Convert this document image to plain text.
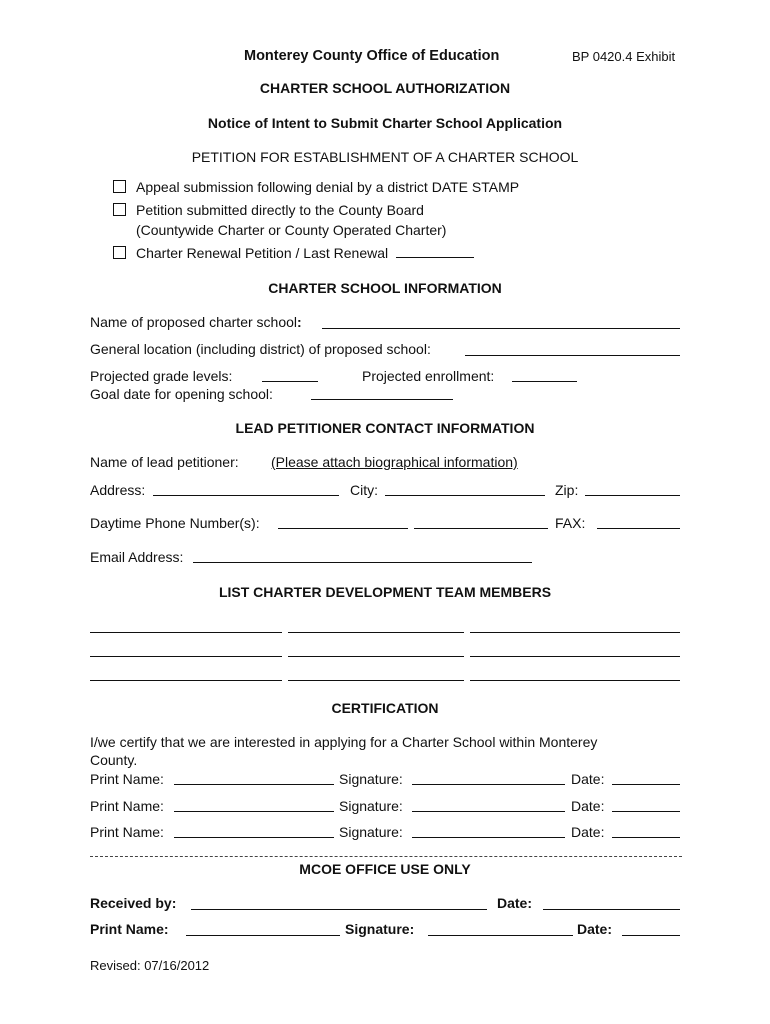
Monterey County Office of Education	BP 0420.4 Exhibit
CHARTER SCHOOL AUTHORIZATION
Notice of Intent to Submit Charter School Application
PETITION FOR ESTABLISHMENT OF A CHARTER SCHOOL
Appeal submission following denial by a district DATE STAMP
Petition submitted directly to the County Board
(Countywide Charter or County Operated Charter)
Charter Renewal Petition / Last Renewal
CHARTER SCHOOL INFORMATION
Name of proposed charter school:
General location (including district) of proposed school:
Projected grade levels:	Projected enrollment:
Goal date for opening school:
LEAD PETITIONER CONTACT INFORMATION
Name of lead petitioner: (Please attach biographical information)
Address:	City:	Zip:
Daytime Phone Number(s):	FAX:
Email Address:
LIST CHARTER DEVELOPMENT TEAM MEMBERS
CERTIFICATION
I/we certify that we are interested in applying for a Charter School within Monterey
County.
Print Name:	Signature:	Date:
Print Name:	Signature:	Date:
Print Name:	Signature:	Date:
MCOE OFFICE USE ONLY
Received by:	Date:
Print Name:	Signature:	Date:
Revised: 07/16/2012
